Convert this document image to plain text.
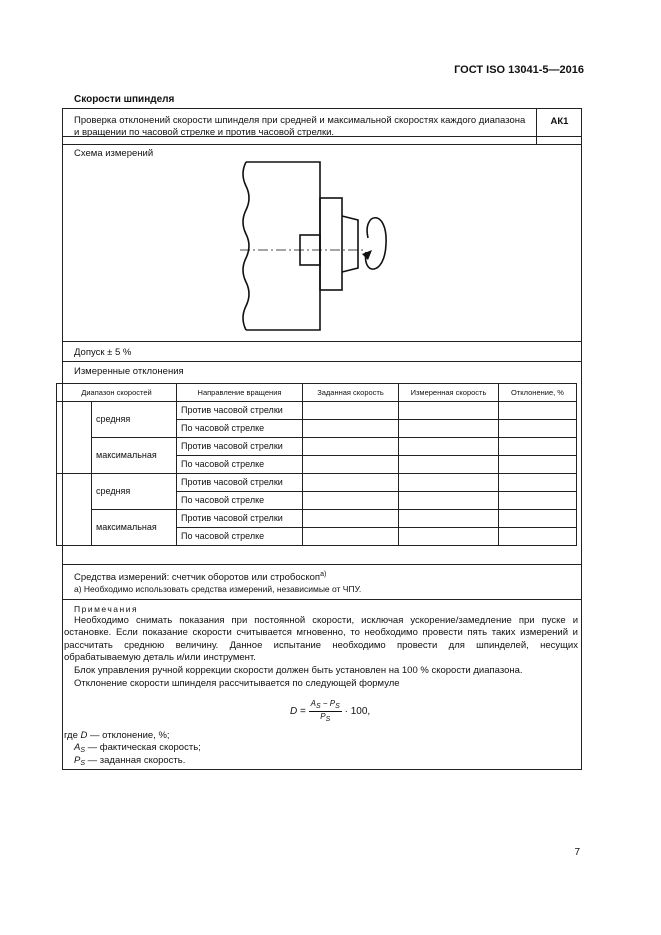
ГОСТ ISO 13041-5—2016
Скорости шпинделя
Проверка отклонений скорости шпинделя при средней и максимальной скоростях каждого диапазона и вращении по часовой стрелке и против часовой стрелки.
АК1
Схема измерений
Допуск ± 5 %
Измеренные отклонения
Диапазон скоростей		Направление вращения	Заданная скорость	Измеренная скорость	Отклонение, %
	средняя	Против часовой стрелки			
		По часовой стрелке			
	максимальная	Против часовой стрелки			
		По часовой стрелке			
	средняя	Против часовой стрелки			
		По часовой стрелке			
	максимальная	Против часовой стрелки			
		По часовой стрелке			
Средства измерений: счетчик оборотов или стробоскоп$^{а)}$
а) Необходимо использовать средства измерений, независимые от ЧПУ.
Примечания
Необходимо снимать показания при постоянной скорости, исключая ускорение/замедление при пуске и остановке. Если показание скорости считывается мгновенно, то необходимо провести пять таких измерений и рассчитать среднюю величину. Данное испытание необходимо провести для шпинделей, несущих обрабатываемую деталь и/или инструмент.
Блок управления ручной коррекции скорости должен быть установлен на 100 % скорости диапазона.
Отклонение скорости шпинделя рассчитывается по следующей формуле
$D = \frac{AS - PS}{PS} \cdot 100$,
где D — отклонение, %;
$A_S$ — фактическая скорость;
$P_S$ — заданная скорость.
7
